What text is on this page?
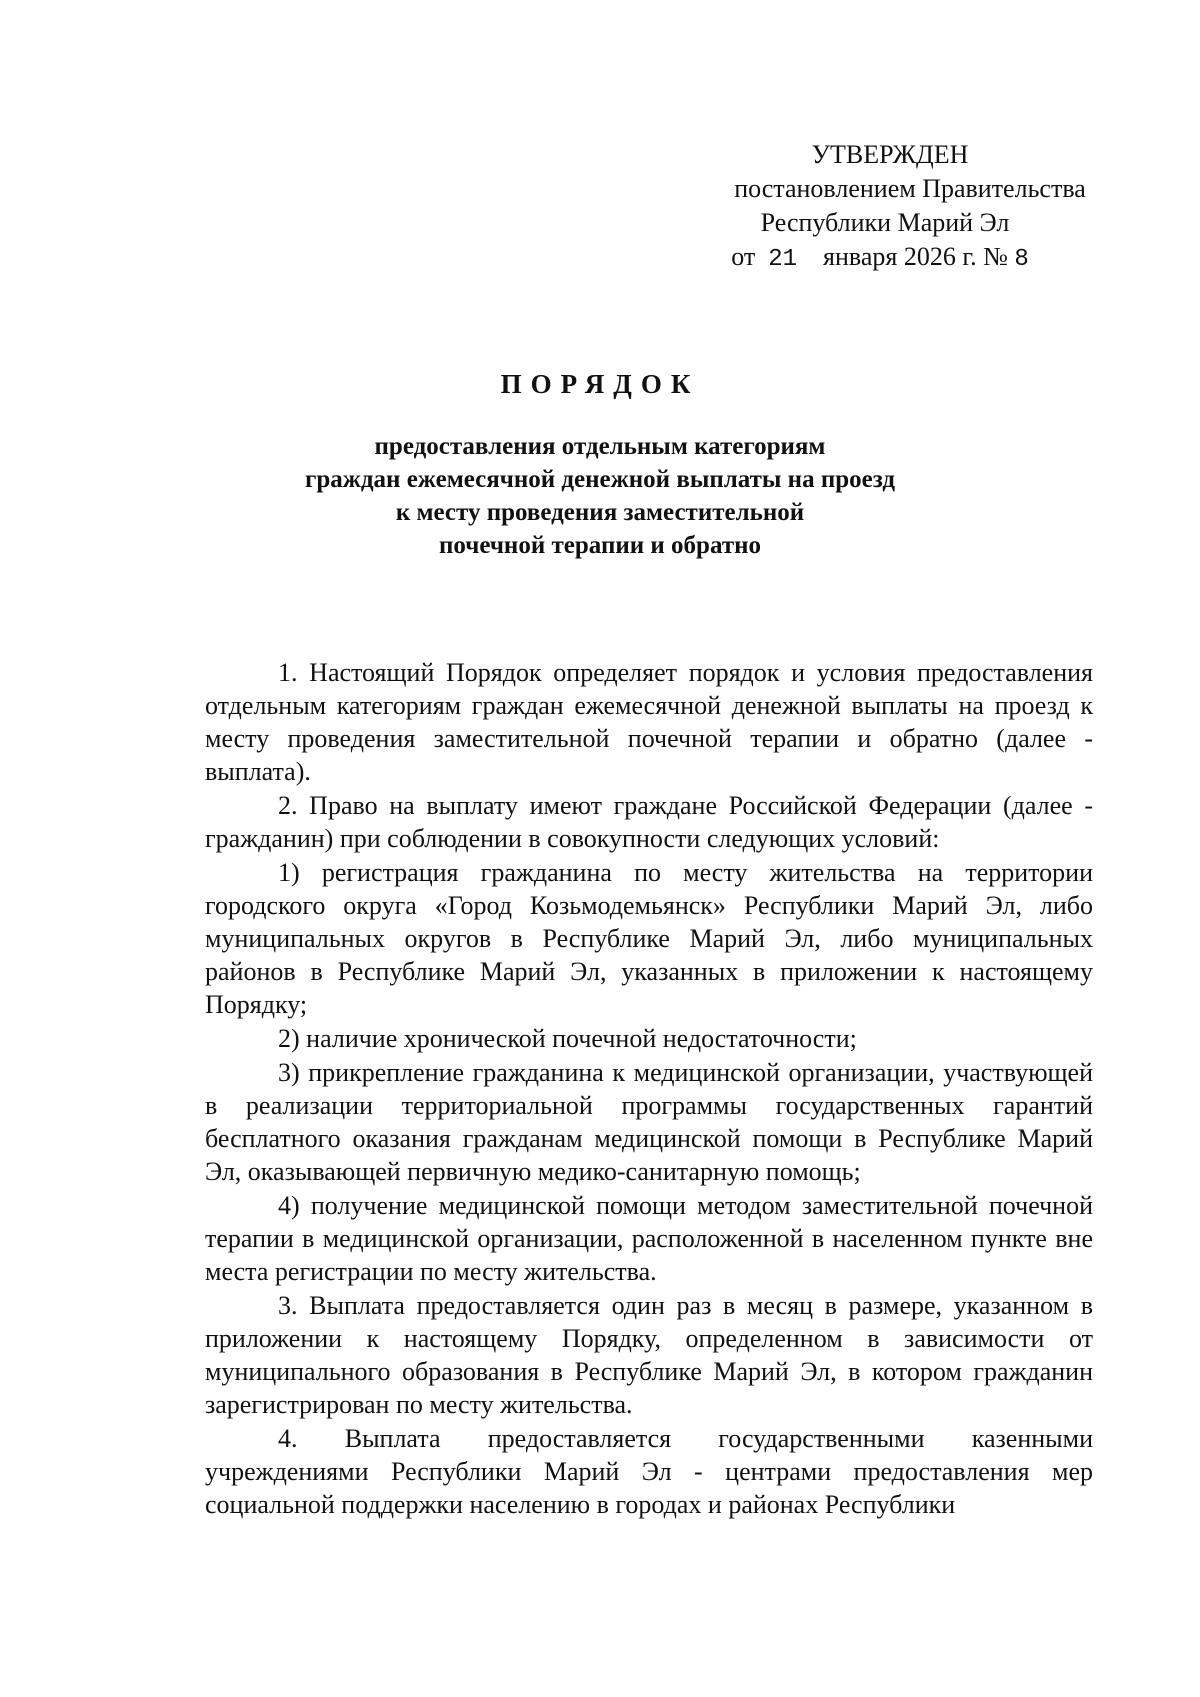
УТВЕРЖДЕН
постановлением Правительства
Республики Марий Эл
от 21 января 2026 г. № 8
ПОРЯДОК
предоставления отдельным категориям
граждан ежемесячной денежной выплаты на проезд
к месту проведения заместительной
почечной терапии и обратно

1. Настоящий Порядок определяет порядок и условия предоставления отдельным категориям граждан ежемесячной денежной выплаты на проезд к месту проведения заместительной почечной терапии и обратно (далее - выплата).

2. Право на выплату имеют граждане Российской Федерации (далее - гражданин) при соблюдении в совокупности следующих условий:

1) регистрация гражданина по месту жительства на территории городского округа «Город Козьмодемьянск» Республики Марий Эл, либо муниципальных округов в Республике Марий Эл, либо муниципальных районов в Республике Марий Эл, указанных в приложении к настоящему Порядку;

2) наличие хронической почечной недостаточности;

3) прикрепление гражданина к медицинской организации, участвующей в реализации территориальной программы государственных гарантий бесплатного оказания гражданам медицинской помощи в Республике Марий Эл, оказывающей первичную медико-санитарную помощь;

4) получение медицинской помощи методом заместительной почечной терапии в медицинской организации, расположенной в населенном пункте вне места регистрации по месту жительства.

3. Выплата предоставляется один раз в месяц в размере, указанном в приложении к настоящему Порядку, определенном в зависимости от муниципального образования в Республике Марий Эл, в котором гражданин зарегистрирован по месту жительства.

4. Выплата предоставляется государственными казенными учреждениями Республики Марий Эл - центрами предоставления мер социальной поддержки населению в городах и районах Республики
